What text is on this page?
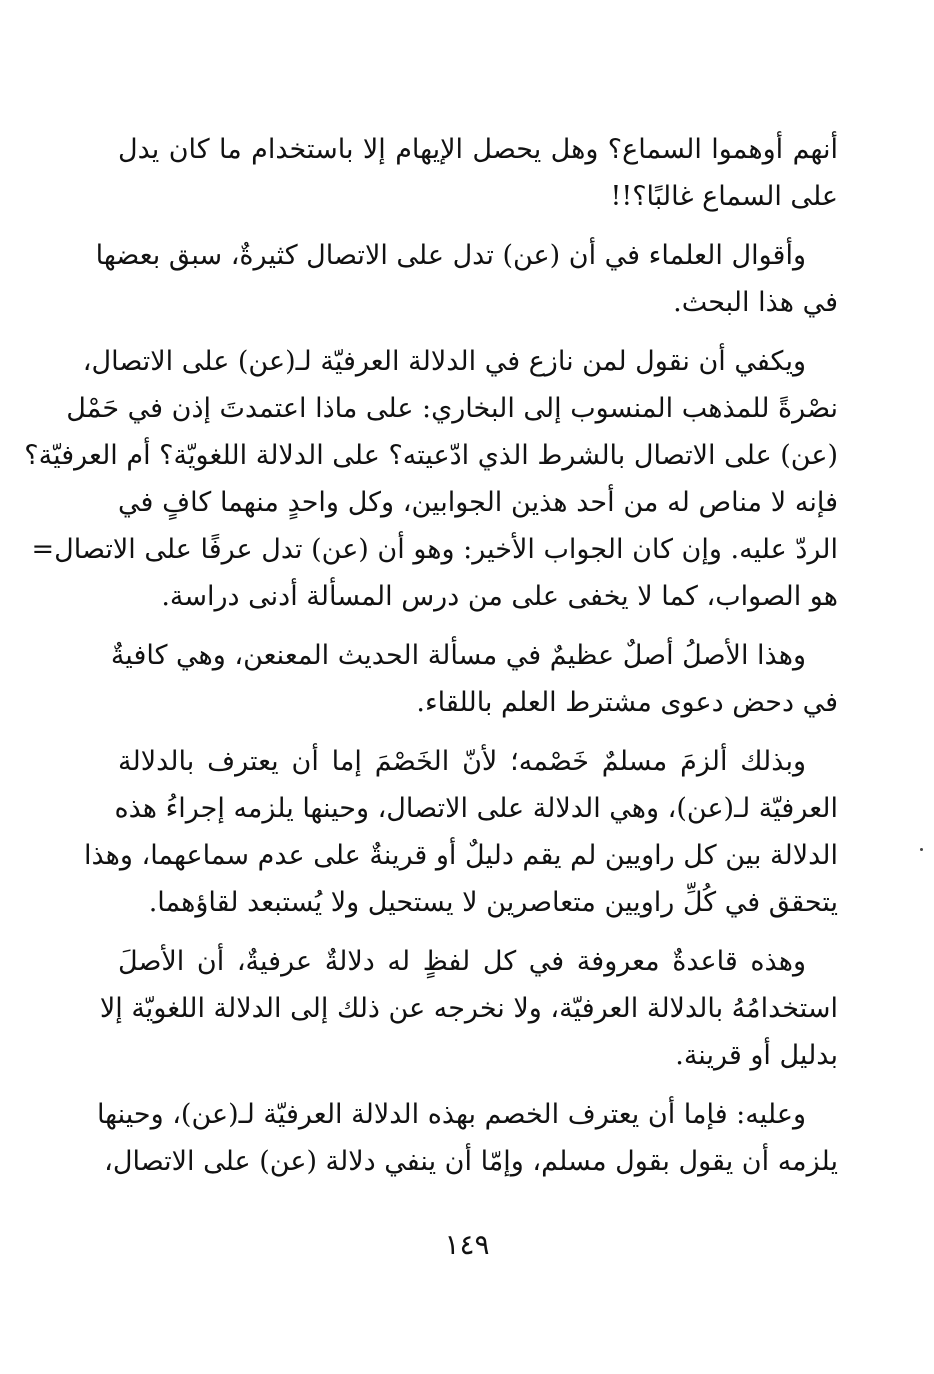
أنهم أوهموا السماع؟ وهل يحصل الإيهام إلا باستخدام ما كان يدل
على السماع غالبًا؟!!

وأقوال العلماء في أن (عن) تدل على الاتصال كثيرةٌ، سبق بعضها
في هذا البحث.

ويكفي أن نقول لمن نازع في الدلالة العرفيّة لـ(عن) على الاتصال،
نصْرةً للمذهب المنسوب إلى البخاري: على ماذا اعتمدتَ إذن في حَمْل
(عن) على الاتصال بالشرط الذي ادّعيته؟ على الدلالة اللغويّة؟ أم العرفيّة؟
فإنه لا مناص له من أحد هذين الجوابين، وكل واحدٍ منهما كافٍ في
الردّ عليه. وإن كان الجواب الأخير: وهو أن (عن) تدل عرفًا على الاتصال=
هو الصواب، كما لا يخفى على من درس المسألة أدنى دراسة.

وهذا الأصلُ أصلٌ عظيمٌ في مسألة الحديث المعنعن، وهي كافيةٌ
في دحض دعوى مشترط العلم باللقاء.

وبذلك ألزمَ مسلمٌ خَصْمه؛ لأنّ الخَصْمَ إما أن يعترف بالدلالة
العرفيّة لـ(عن)، وهي الدلالة على الاتصال، وحينها يلزمه إجراءُ هذه
الدلالة بين كل راويين لم يقم دليلٌ أو قرينةٌ على عدم سماعهما، وهذا
يتحقق في كُلِّ راويين متعاصرين لا يستحيل ولا يُستبعد لقاؤهما.

وهذه قاعدةٌ معروفة في كل لفظٍ له دلالةٌ عرفيةٌ، أن الأصلَ
استخدامُهُ بالدلالة العرفيّة، ولا نخرجه عن ذلك إلى الدلالة اللغويّة إلا
بدليل أو قرينة.

وعليه: فإما أن يعترف الخصم بهذه الدلالة العرفيّة لـ(عن)، وحينها
يلزمه أن يقول بقول مسلم، وإمّا أن ينفي دلالة (عن) على الاتصال،

١٤٩
